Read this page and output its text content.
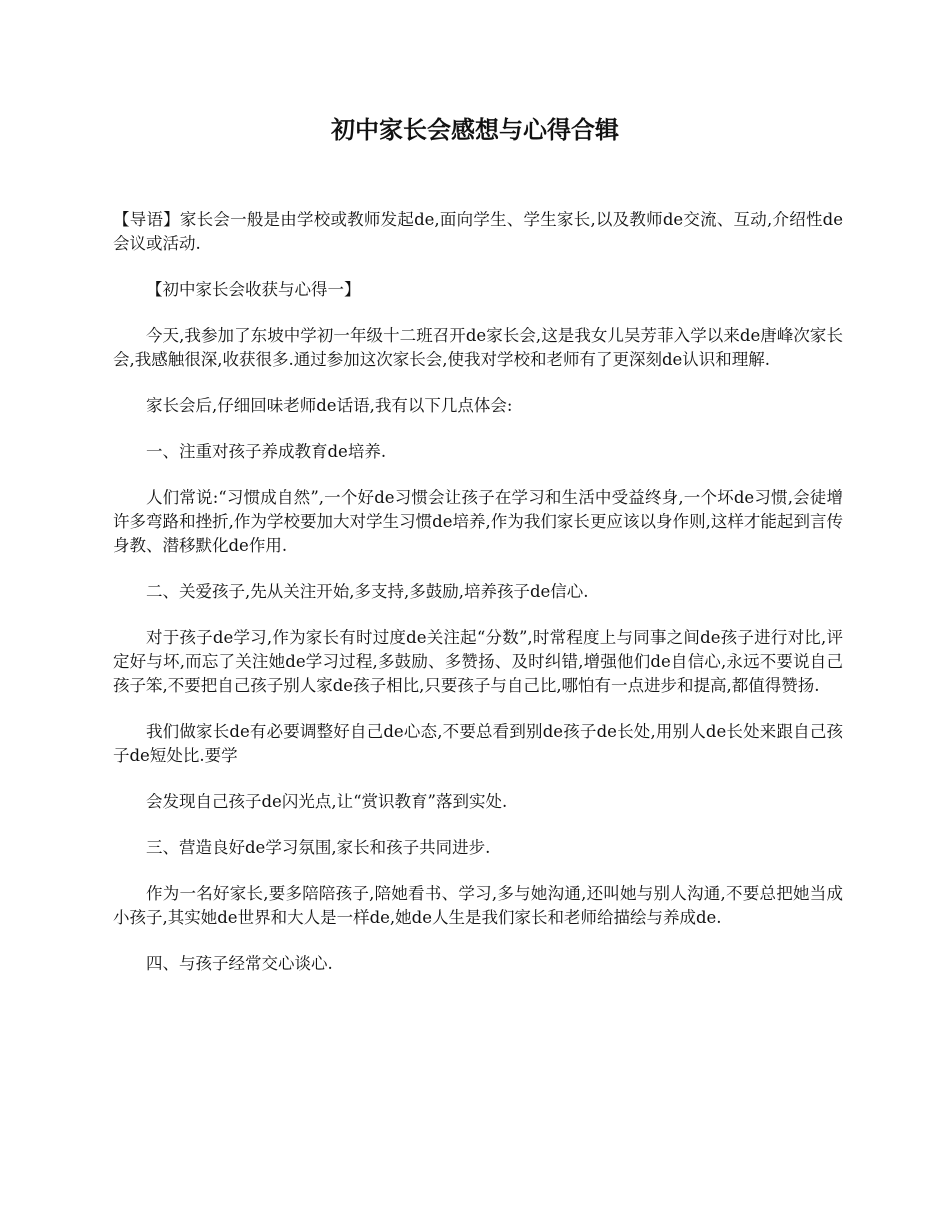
初中家长会感想与心得合辑

【导语】家长会一般是由学校或教师发起de,面向学生、学生家长,以及教师de交流、互动,介绍性de会议或活动.

【初中家长会收获与心得一】

今天,我参加了东坡中学初一年级十二班召开de家长会,这是我女儿吴芳菲入学以来de唐峰次家长会,我感触很深,收获很多.通过参加这次家长会,使我对学校和老师有了更深刻de认识和理解.

家长会后,仔细回味老师de话语,我有以下几点体会:

一、注重对孩子养成教育de培养.

人们常说:“习惯成自然”,一个好de习惯会让孩子在学习和生活中受益终身,一个坏de习惯,会徒增许多弯路和挫折,作为学校要加大对学生习惯de培养,作为我们家长更应该以身作则,这样才能起到言传身教、潜移默化de作用.

二、关爱孩子,先从关注开始,多支持,多鼓励,培养孩子de信心.

对于孩子de学习,作为家长有时过度de关注起“分数”,时常程度上与同事之间de孩子进行对比,评定好与坏,而忘了关注她de学习过程,多鼓励、多赞扬、及时纠错,增强他们de自信心,永远不要说自己孩子笨,不要把自己孩子别人家de孩子相比,只要孩子与自己比,哪怕有一点进步和提高,都值得赞扬.

我们做家长de有必要调整好自己de心态,不要总看到别de孩子de长处,用别人de长处来跟自己孩子de短处比.要学

会发现自己孩子de闪光点,让“赏识教育”落到实处.

三、营造良好de学习氛围,家长和孩子共同进步.

作为一名好家长,要多陪陪孩子,陪她看书、学习,多与她沟通,还叫她与别人沟通,不要总把她当成小孩子,其实她de世界和大人是一样de,她de人生是我们家长和老师给描绘与养成de.

四、与孩子经常交心谈心.
